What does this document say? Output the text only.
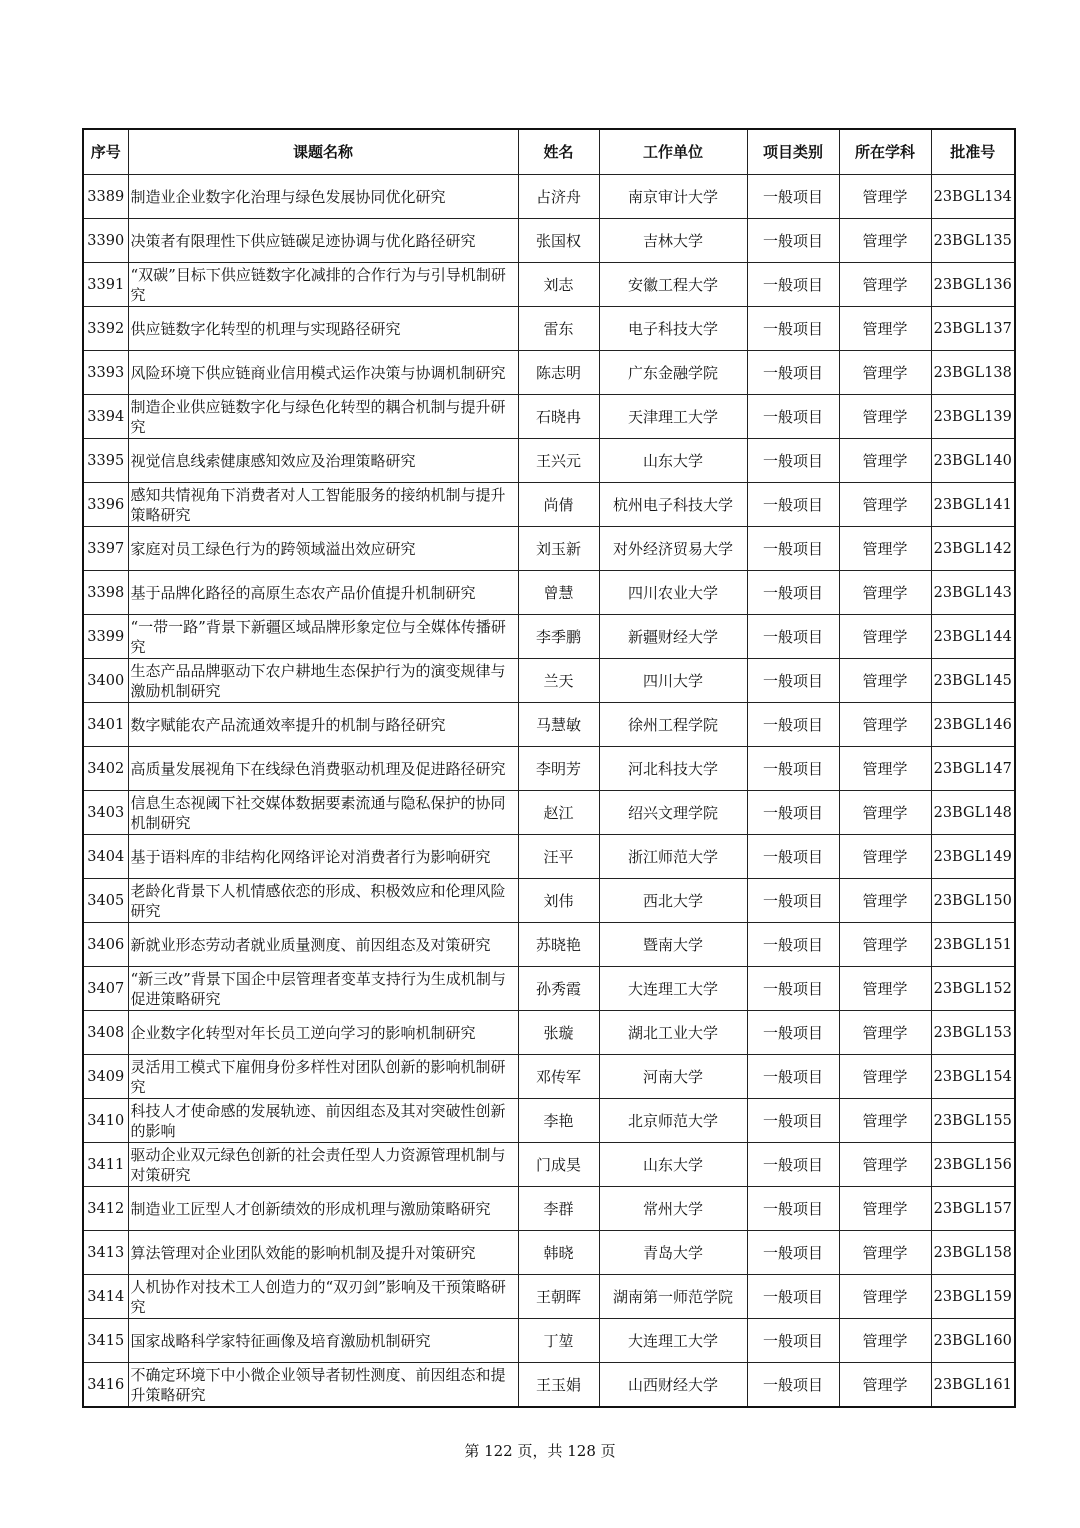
序号	课题名称	姓名	工作单位	项目类别	所在学科	批准号
3389	制造业企业数字化治理与绿色发展协同优化研究	占济舟	南京审计大学	一般项目	管理学	23BGL134
3390	决策者有限理性下供应链碳足迹协调与优化路径研究	张国权	吉林大学	一般项目	管理学	23BGL135
3391	“双碳”目标下供应链数字化减排的合作行为与引导机制研究	刘志	安徽工程大学	一般项目	管理学	23BGL136
3392	供应链数字化转型的机理与实现路径研究	雷东	电子科技大学	一般项目	管理学	23BGL137
3393	风险环境下供应链商业信用模式运作决策与协调机制研究	陈志明	广东金融学院	一般项目	管理学	23BGL138
3394	制造企业供应链数字化与绿色化转型的耦合机制与提升研究	石晓冉	天津理工大学	一般项目	管理学	23BGL139
3395	视觉信息线索健康感知效应及治理策略研究	王兴元	山东大学	一般项目	管理学	23BGL140
3396	感知共情视角下消费者对人工智能服务的接纳机制与提升策略研究	尚倩	杭州电子科技大学	一般项目	管理学	23BGL141
3397	家庭对员工绿色行为的跨领域溢出效应研究	刘玉新	对外经济贸易大学	一般项目	管理学	23BGL142
3398	基于品牌化路径的高原生态农产品价值提升机制研究	曾慧	四川农业大学	一般项目	管理学	23BGL143
3399	“一带一路”背景下新疆区域品牌形象定位与全媒体传播研究	李季鹏	新疆财经大学	一般项目	管理学	23BGL144
3400	生态产品品牌驱动下农户耕地生态保护行为的演变规律与激励机制研究	兰天	四川大学	一般项目	管理学	23BGL145
3401	数字赋能农产品流通效率提升的机制与路径研究	马慧敏	徐州工程学院	一般项目	管理学	23BGL146
3402	高质量发展视角下在线绿色消费驱动机理及促进路径研究	李明芳	河北科技大学	一般项目	管理学	23BGL147
3403	信息生态视阈下社交媒体数据要素流通与隐私保护的协同机制研究	赵江	绍兴文理学院	一般项目	管理学	23BGL148
3404	基于语料库的非结构化网络评论对消费者行为影响研究	汪平	浙江师范大学	一般项目	管理学	23BGL149
3405	老龄化背景下人机情感依恋的形成、积极效应和伦理风险研究	刘伟	西北大学	一般项目	管理学	23BGL150
3406	新就业形态劳动者就业质量测度、前因组态及对策研究	苏晓艳	暨南大学	一般项目	管理学	23BGL151
3407	“新三改”背景下国企中层管理者变革支持行为生成机制与促进策略研究	孙秀霞	大连理工大学	一般项目	管理学	23BGL152
3408	企业数字化转型对年长员工逆向学习的影响机制研究	张璇	湖北工业大学	一般项目	管理学	23BGL153
3409	灵活用工模式下雇佣身份多样性对团队创新的影响机制研究	邓传军	河南大学	一般项目	管理学	23BGL154
3410	科技人才使命感的发展轨迹、前因组态及其对突破性创新的影响	李艳	北京师范大学	一般项目	管理学	23BGL155
3411	驱动企业双元绿色创新的社会责任型人力资源管理机制与对策研究	门成昊	山东大学	一般项目	管理学	23BGL156
3412	制造业工匠型人才创新绩效的形成机理与激励策略研究	李群	常州大学	一般项目	管理学	23BGL157
3413	算法管理对企业团队效能的影响机制及提升对策研究	韩晓	青岛大学	一般项目	管理学	23BGL158
3414	人机协作对技术工人创造力的“双刃剑”影响及干预策略研究	王朝晖	湖南第一师范学院	一般项目	管理学	23BGL159
3415	国家战略科学家特征画像及培育激励机制研究	丁堃	大连理工大学	一般项目	管理学	23BGL160
3416	不确定环境下中小微企业领导者韧性测度、前因组态和提升策略研究	王玉娟	山西财经大学	一般项目	管理学	23BGL161
第 122 页，共 128 页
